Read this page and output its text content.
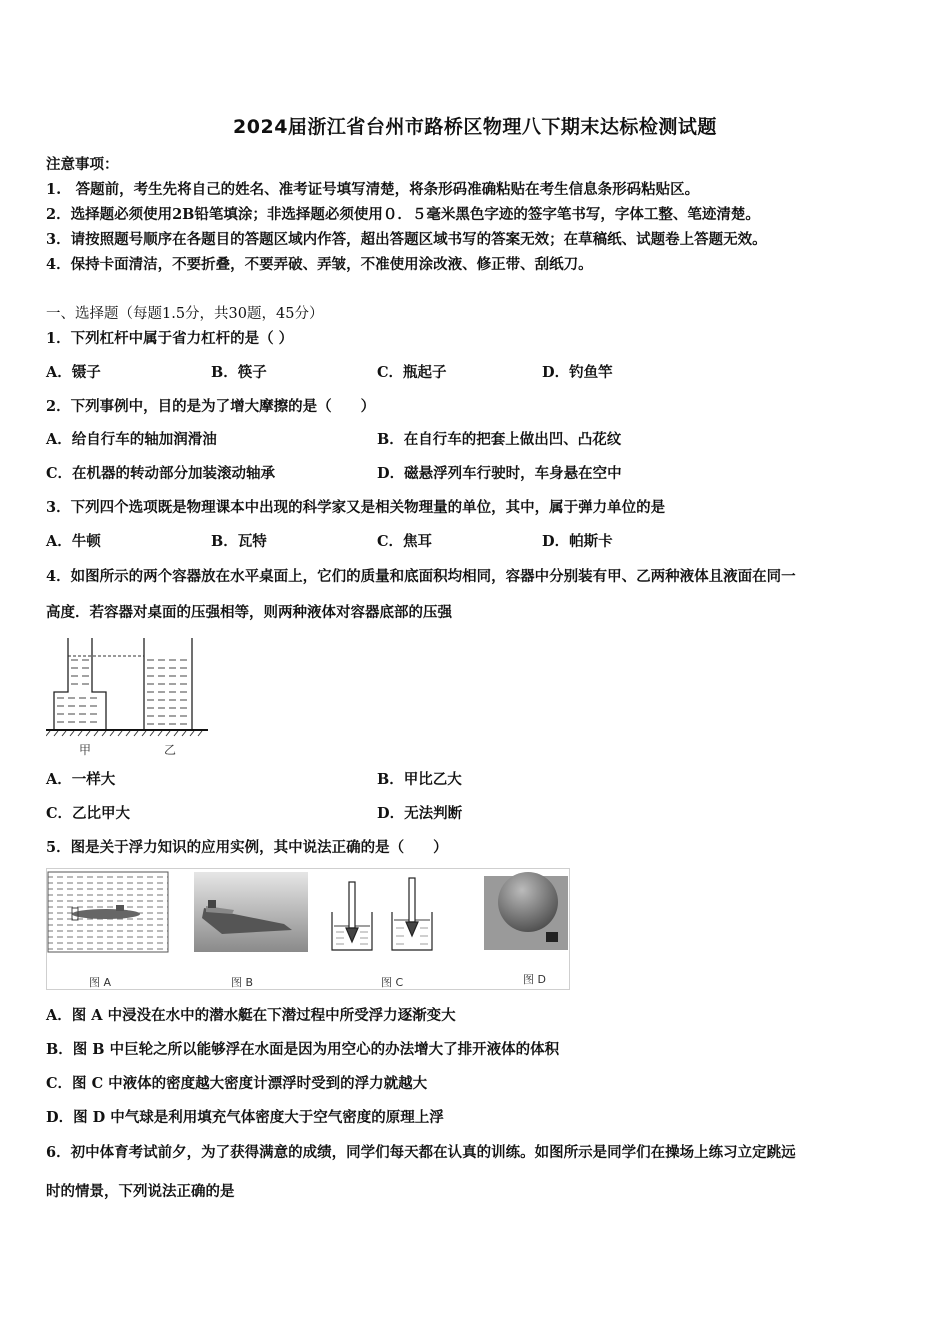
2024届浙江省台州市路桥区物理八下期末达标检测试题
注意事项：
1.　答题前，考生先将自己的姓名、准考证号填写清楚，将条形码准确粘贴在考生信息条形码粘贴区。
2．选择题必须使用2B铅笔填涂；非选择题必须使用０．５毫米黑色字迹的签字笔书写，字体工整、笔迹清楚。
3．请按照题号顺序在各题目的答题区域内作答，超出答题区域书写的答案无效；在草稿纸、试题卷上答题无效。
4．保持卡面清洁，不要折叠，不要弄破、弄皱，不准使用涂改液、修正带、刮纸刀。
一、选择题（每题1.5分，共30题，45分）
1．下列杠杆中属于省力杠杆的是（ ）
A．镊子	B．筷子	C．瓶起子	D．钓鱼竿
2．下列事例中，目的是为了增大摩擦的是（　　）
A．给自行车的轴加润滑油	B．在自行车的把套上做出凹、凸花纹
C．在机器的转动部分加装滚动轴承	D．磁悬浮列车行驶时，车身悬在空中
3．下列四个选项既是物理课本中出现的科学家又是相关物理量的单位，其中，属于弹力单位的是
A．牛顿	B．瓦特	C．焦耳	D．帕斯卡
4．如图所示的两个容器放在水平桌面上，它们的质量和底面积均相同，容器中分别装有甲、乙两种液体且液面在同一
高度．若容器对桌面的压强相等，则两种液体对容器底部的压强
甲	乙
A．一样大	B．甲比乙大
C．乙比甲大	D．无法判断
5．图是关于浮力知识的应用实例，其中说法正确的是（　　）
图 A	图 B	图 C	图 D
A．图 A 中浸没在水中的潜水艇在下潜过程中所受浮力逐渐变大
B．图 B 中巨轮之所以能够浮在水面是因为用空心的办法增大了排开液体的体积
C．图 C 中液体的密度越大密度计漂浮时受到的浮力就越大
D．图 D 中气球是利用填充气体密度大于空气密度的原理上浮
6．初中体育考试前夕，为了获得满意的成绩，同学们每天都在认真的训练。如图所示是同学们在操场上练习立定跳远
时的情景，下列说法正确的是
